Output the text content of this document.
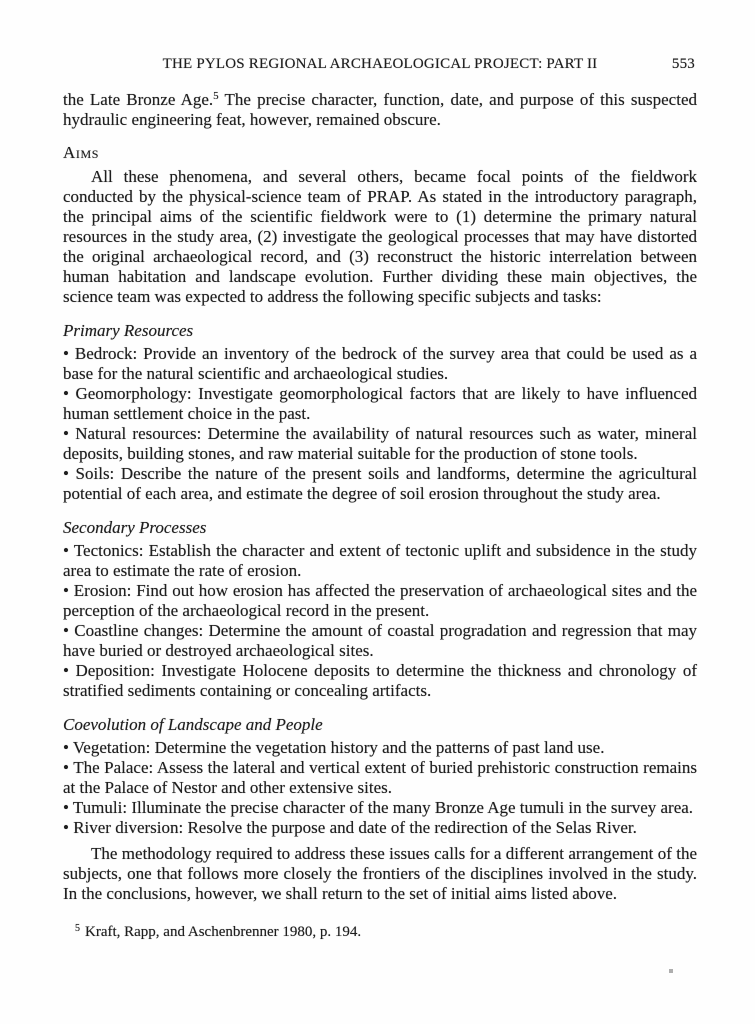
THE PYLOS REGIONAL ARCHAEOLOGICAL PROJECT: PART II	553

the Late Bronze Age.$^5$ The precise character, function, date, and purpose of this suspected hydraulic engineering feat, however, remained obscure.

Aims

All these phenomena, and several others, became focal points of the fieldwork conducted by the physical-science team of PRAP. As stated in the introductory paragraph, the principal aims of the scientific fieldwork were to (1) determine the primary natural resources in the study area, (2) investigate the geological processes that may have distorted the original archaeological record, and (3) reconstruct the historic interrelation between human habitation and landscape evolution. Further dividing these main objectives, the science team was expected to address the following specific subjects and tasks:

Primary Resources

• Bedrock: Provide an inventory of the bedrock of the survey area that could be used as a base for the natural scientific and archaeological studies.

• Geomorphology: Investigate geomorphological factors that are likely to have influenced human settlement choice in the past.

• Natural resources: Determine the availability of natural resources such as water, mineral deposits, building stones, and raw material suitable for the production of stone tools.

• Soils: Describe the nature of the present soils and landforms, determine the agricultural potential of each area, and estimate the degree of soil erosion throughout the study area.

Secondary Processes

• Tectonics: Establish the character and extent of tectonic uplift and subsidence in the study area to estimate the rate of erosion.

• Erosion: Find out how erosion has affected the preservation of archaeological sites and the perception of the archaeological record in the present.

• Coastline changes: Determine the amount of coastal progradation and regression that may have buried or destroyed archaeological sites.

• Deposition: Investigate Holocene deposits to determine the thickness and chronology of stratified sediments containing or concealing artifacts.

Coevolution of Landscape and People

• Vegetation: Determine the vegetation history and the patterns of past land use.

• The Palace: Assess the lateral and vertical extent of buried prehistoric construction remains at the Palace of Nestor and other extensive sites.

• Tumuli: Illuminate the precise character of the many Bronze Age tumuli in the survey area.

• River diversion: Resolve the purpose and date of the redirection of the Selas River.

The methodology required to address these issues calls for a different arrangement of the subjects, one that follows more closely the frontiers of the disciplines involved in the study. In the conclusions, however, we shall return to the set of initial aims listed above.

$^5$ Kraft, Rapp, and Aschenbrenner 1980, p. 194.
